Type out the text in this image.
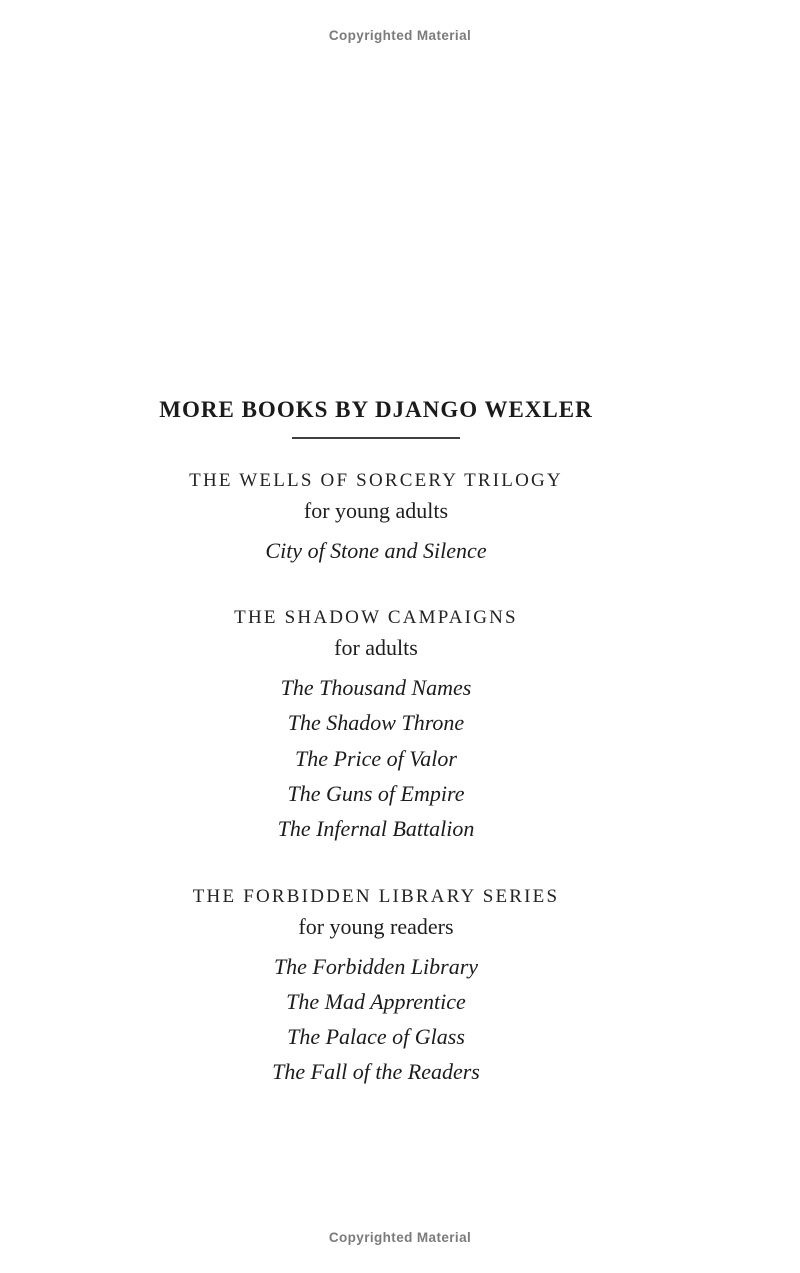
Copyrighted Material
MORE BOOKS BY DJANGO WEXLER
THE WELLS OF SORCERY TRILOGY
for young adults
City of Stone and Silence
THE SHADOW CAMPAIGNS
for adults
The Thousand Names
The Shadow Throne
The Price of Valor
The Guns of Empire
The Infernal Battalion
THE FORBIDDEN LIBRARY SERIES
for young readers
The Forbidden Library
The Mad Apprentice
The Palace of Glass
The Fall of the Readers
Copyrighted Material
